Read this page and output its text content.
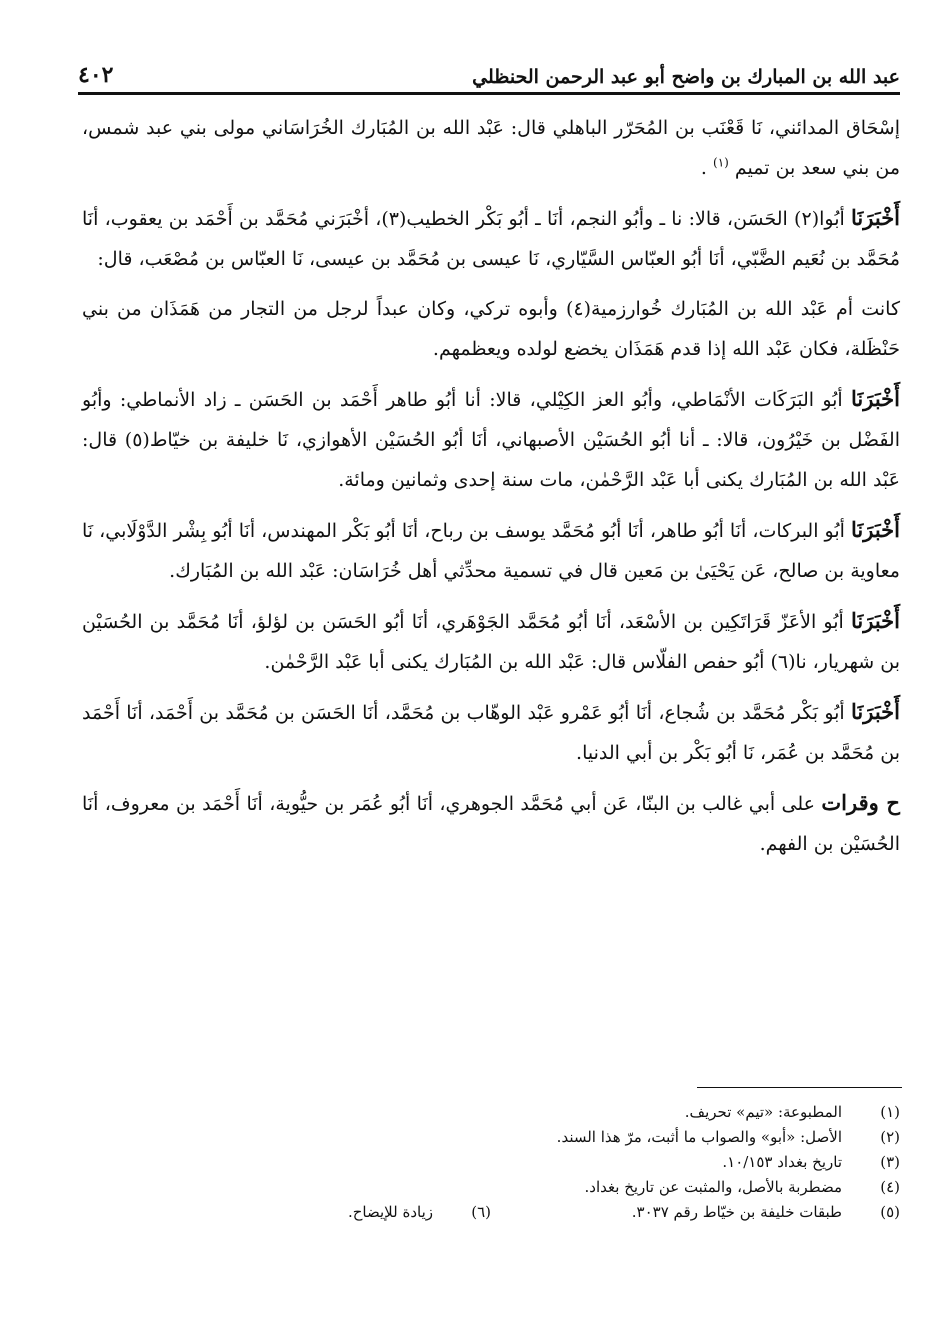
٤٠٢	عبد الله بن المبارك بن واضح أبو عبد الرحمن الحنظلي

إسْحَاق المدائني، نَا قَعْنَب بن المُحَرّر الباهلي قال: عَبْد الله بن المُبَارك الخُرَاسَاني مولى بني عبد شمس، من بني سعد بن تميم $^{(١)}$ .

أَخْبَرَنَا أبُوا(٢) الحَسَن، قالا: نا ـ وأبُو النجم، أنَا ـ أبُو بَكْر الخطيب(٣)، أخْبَرَني مُحَمَّد بن أَحْمَد بن يعقوب، أنَا مُحَمَّد بن نُعَيم الضَّبّي، أنَا أبُو العبّاس السَّيّاري، نَا عيسى بن مُحَمَّد بن عيسى، نَا العبّاس بن مُصْعَب، قال:

كانت أم عَبْد الله بن المُبَارك خُوارزمية(٤) وأبوه تركي، وكان عبداً لرجل من التجار من هَمَذَان من بني حَنْظَلة، فكان عَبْد الله إذا قدم هَمَذَان يخضع لولده ويعظمهم.

أَخْبَرَنَا أبُو البَرَكَات الأنْمَاطي، وأبُو العز الكِيْلي، قالا: أنا أبُو طاهر أَحْمَد بن الحَسَن ـ زاد الأنماطي: وأبُو الفَضْل بن خَيْرُون، قالا: ـ أنا أبُو الحُسَيْن الأصبهاني، أنَا أبُو الحُسَيْن الأهوازي، نَا خليفة بن خيّاط(٥) قال: عَبْد الله بن المُبَارك يكنى أبا عَبْد الرَّحْمٰن، مات سنة إحدى وثمانين ومائة.

أَخْبَرَنَا أبُو البركات، أنَا أبُو طاهر، أنَا أبُو مُحَمَّد يوسف بن رباح، أنَا أبُو بَكْر المهندس، أنَا أبُو بِشْر الدَّوْلَابي، نَا معاوية بن صالح، عَن يَحْيَىٰ بن مَعين قال في تسمية محدِّثي أهل خُرَاسَان: عَبْد الله بن المُبَارك.

أَخْبَرَنَا أبُو الأعَزّ قَرَاتَكِين بن الأسْعَد، أنَا أبُو مُحَمَّد الجَوْهَري، أنَا أبُو الحَسَن بن لؤلؤ، أنَا مُحَمَّد بن الحُسَيْن بن شهريار، نا(٦) أبُو حفص الفلّاس قال: عَبْد الله بن المُبَارك يكنى أبا عَبْد الرَّحْمٰن.

أَخْبَرَنَا أبُو بَكْر مُحَمَّد بن شُجاع، أنَا أبُو عَمْرو عَبْد الوهّاب بن مُحَمَّد، أنَا الحَسَن بن مُحَمَّد بن أَحْمَد، أنَا أَحْمَد بن مُحَمَّد بن عُمَر، نَا أبُو بَكْر بن أبي الدنيا.

ح وقرات على أبي غالب بن البنّا، عَن أبي مُحَمَّد الجوهري، أنَا أبُو عُمَر بن حيُّوية، أنَا أَحْمَد بن معروف، أنَا الحُسَيْن بن الفهم.

(١)
المطبوعة: «تيم» تحريف.
(٢)
الأصل: «أبو» والصواب ما أثبت، مرّ هذا السند.
(٣)
تاريخ بغداد ١٠/١٥٣.
(٤)
مضطربة بالأصل، والمثبت عن تاريخ بغداد.
(٥)
طبقات خليفة بن خيّاط رقم ٣٠٣٧.
(٦)
زيادة للإيضاح.
